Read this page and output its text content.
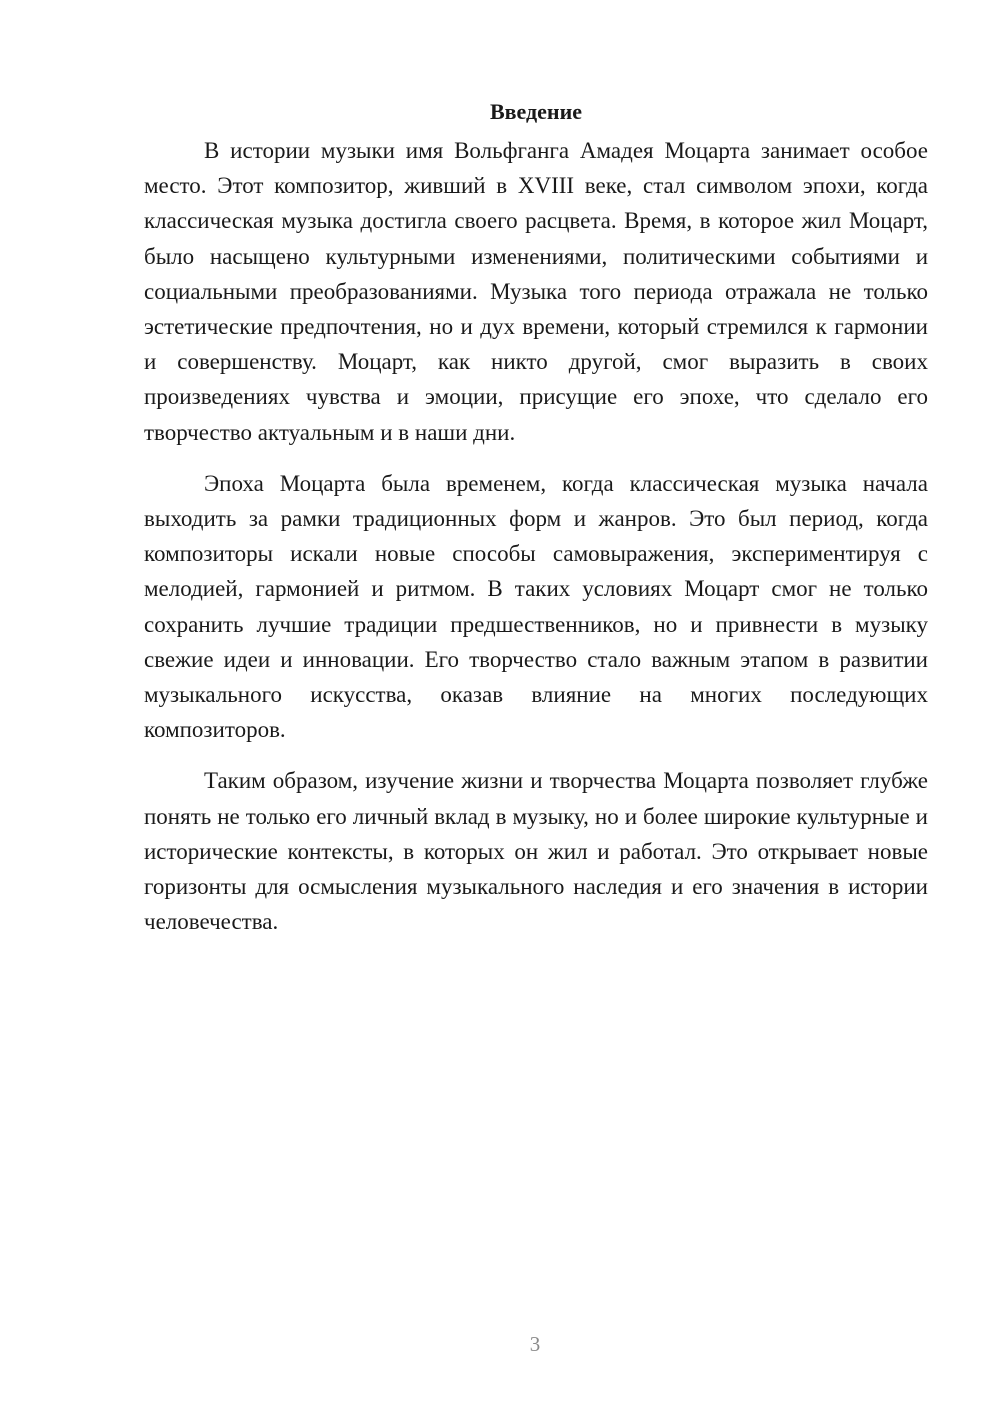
Введение

В истории музыки имя Вольфганга Амадея Моцарта занимает особое место. Этот композитор, живший в XVIII веке, стал символом эпохи, когда классическая музыка достигла своего расцвета. Время, в которое жил Моцарт, было насыщено культурными изменениями, политическими событиями и социальными преобразованиями. Музыка того периода отражала не только эстетические предпочтения, но и дух времени, который стремился к гармонии и совершенству. Моцарт, как никто другой, смог выразить в своих произведениях чувства и эмоции, присущие его эпохе, что сделало его творчество актуальным и в наши дни.

Эпоха Моцарта была временем, когда классическая музыка начала выходить за рамки традиционных форм и жанров. Это был период, когда композиторы искали новые способы самовыражения, экспериментируя с мелодией, гармонией и ритмом. В таких условиях Моцарт смог не только сохранить лучшие традиции предшественников, но и привнести в музыку свежие идеи и инновации. Его творчество стало важным этапом в развитии музыкального искусства, оказав влияние на многих последующих композиторов.

Таким образом, изучение жизни и творчества Моцарта позволяет глубже понять не только его личный вклад в музыку, но и более широкие культурные и исторические контексты, в которых он жил и работал. Это открывает новые горизонты для осмысления музыкального наследия и его значения в истории человечества.

3
